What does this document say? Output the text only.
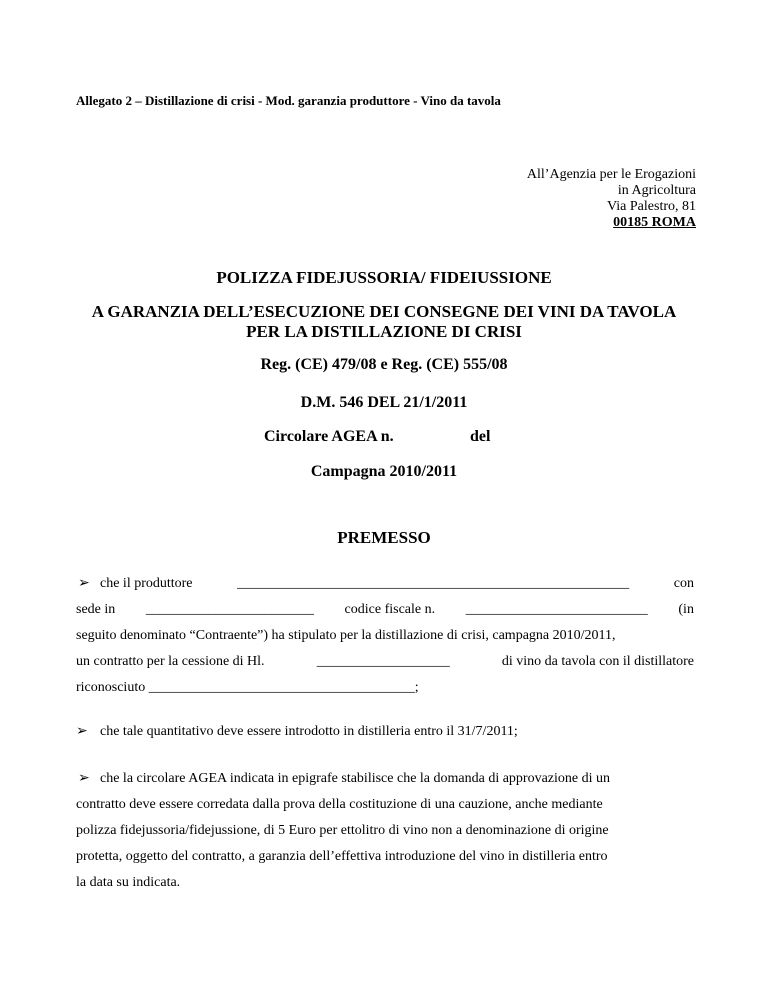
Allegato 2 – Distillazione di crisi - Mod. garanzia produttore - Vino da tavola
All’Agenzia per le Erogazioni
in Agricoltura
Via Palestro, 81
00185 ROMA
POLIZZA FIDEJUSSORIA/ FIDEIUSSIONE
A GARANZIA DELL’ESECUZIONE DEI CONSEGNE DEI VINI DA TAVOLA
PER LA DISTILLAZIONE DI CRISI
Reg. (CE) 479/08 e Reg. (CE) 555/08
D.M. 546 DEL 21/1/2011
Circolare AGEA n.	del
Campagna 2010/2011
PREMESSO
➢ che il produttore	________________________________________________________	con
sede in ________________________ codice fiscale n. __________________________ (in
seguito denominato “Contraente”) ha stipulato per la distillazione di crisi, campagna 2010/2011,
un contratto per la cessione di Hl.	___________________	di vino da tavola con il distillatore
riconosciuto ______________________________________;
➢ che tale quantitativo deve essere introdotto in distilleria entro il 31/7/2011;
➢ che la circolare AGEA indicata in epigrafe stabilisce che la domanda di approvazione di un
contratto deve essere corredata dalla prova della costituzione di una cauzione, anche mediante
polizza fidejussoria/fidejussione, di 5 Euro per ettolitro di vino non a denominazione di origine
protetta, oggetto del contratto, a garanzia dell’effettiva introduzione del vino in distilleria entro
la data su indicata.
